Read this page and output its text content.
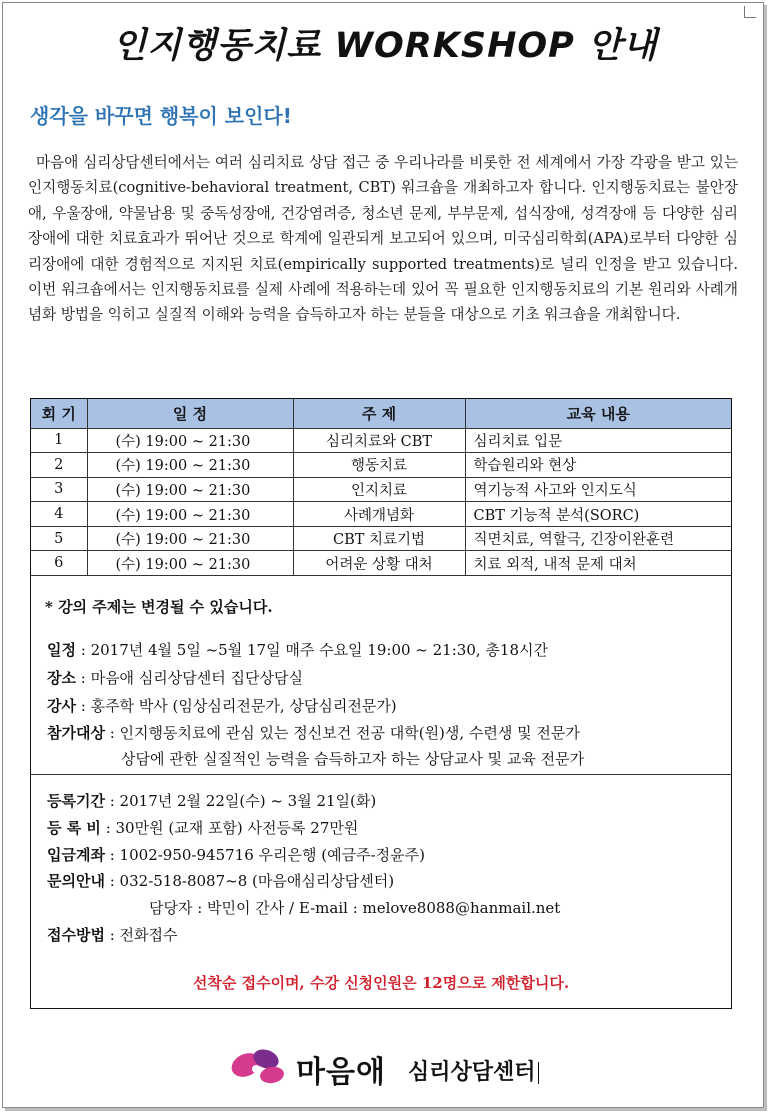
인지행동치료 WORKSHOP 안내
생각을 바꾸면 행복이 보인다!

마음애 심리상담센터에서는 여러 심리치료 상담 접근 중 우리나라를 비롯한 전 세계에서 가장 각광을 받고 있는 인지행동치료(cognitive-behavioral treatment, CBT) 워크숍을 개최하고자 합니다. 인지행동치료는 불안장애, 우울장애, 약물남용 및 중독성장애, 건강염려증, 청소년 문제, 부부문제, 섭식장애, 성격장애 등 다양한 심리장애에 대한 치료효과가 뛰어난 것으로 학계에 일관되게 보고되어 있으며, 미국심리학회(APA)로부터 다양한 심리장애에 대한 경험적으로 지지된 치료(empirically supported treatments)로 널리 인정을 받고 있습니다. 이번 워크숍에서는 인지행동치료를 실제 사례에 적용하는데 있어 꼭 필요한 인지행동치료의 기본 원리와 사례개념화 방법을 익히고 실질적 이해와 능력을 습득하고자 하는 분들을 대상으로 기초 워크숍을 개최합니다.

회 기	일 정	주 제	교육 내용
1	(수) 19:00 ~ 21:30	심리치료와 CBT	심리치료 입문
2	(수) 19:00 ~ 21:30	행동치료	학습원리와 현상
3	(수) 19:00 ~ 21:30	인지치료	역기능적 사고와 인지도식
4	(수) 19:00 ~ 21:30	사례개념화	CBT 기능적 분석(SORC)
5	(수) 19:00 ~ 21:30	CBT 치료기법	직면치료, 역할극, 긴장이완훈련
6	(수) 19:00 ~ 21:30	어려운 상황 대처	치료 외적, 내적 문제 대처
* 강의 주제는 변경될 수 있습니다.
일정 : 2017년 4월 5일 ~5월 17일 매주 수요일 19:00 ~ 21:30, 총18시간
장소 : 마음애 심리상담센터 집단상담실
강사 : 홍주학 박사 (임상심리전문가, 상담심리전문가)
참가대상 : 인지행동치료에 관심 있는 정신보건 전공 대학(원)생, 수련생 및 전문가
상담에 관한 실질적인 능력을 습득하고자 하는 상담교사 및 교육 전문가
등록기간 : 2017년 2월 22일(수) ~ 3월 21일(화)
등 록 비 : 30만원 (교재 포함) 사전등록 27만원
입금계좌 : 1002-950-945716 우리은행 (예금주-정윤주)
문의안내 : 032-518-8087~8 (마음애심리상담센터)
담당자 : 박민이 간사 / E-mail : melove8088@hanmail.net
접수방법 : 전화접수
선착순 접수이며, 수강 신청인원은 12명으로 제한합니다.
마음애 심리상담센터
